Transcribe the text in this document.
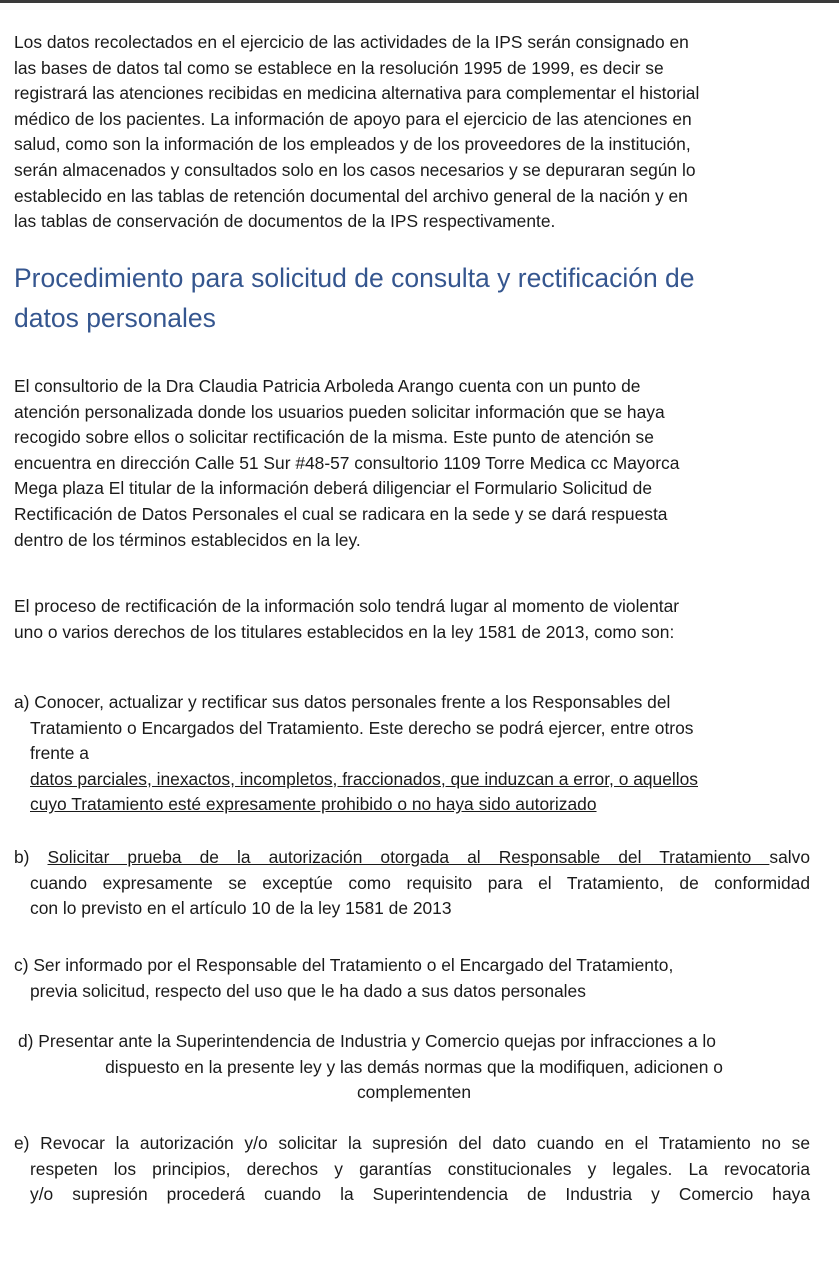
Los datos recolectados en el ejercicio de las actividades de la IPS serán consignado en
las bases de datos tal como se establece en la resolución 1995 de 1999, es decir se
registrará las atenciones recibidas en medicina alternativa para complementar el historial
médico de los pacientes. La información de apoyo para el ejercicio de las atenciones en
salud, como son la información de los empleados y de los proveedores de la institución,
serán almacenados y consultados solo en los casos necesarios y se depuraran según lo
establecido en las tablas de retención documental del archivo general de la nación y en
las tablas de conservación de documentos de la IPS respectivamente.
Procedimiento para solicitud de consulta y rectificación de
datos personales
El consultorio de la Dra Claudia Patricia Arboleda Arango cuenta con un punto de
atención personalizada donde los usuarios pueden solicitar información que se haya
recogido sobre ellos o solicitar rectificación de la misma. Este punto de atención se
encuentra en dirección Calle 51 Sur #48-57 consultorio 1109 Torre Medica cc Mayorca
Mega plaza El titular de la información deberá diligenciar el Formulario Solicitud de
Rectificación de Datos Personales el cual se radicara en la sede y se dará respuesta
dentro de los términos establecidos en la ley.
El proceso de rectificación de la información solo tendrá lugar al momento de violentar
uno o varios derechos de los titulares establecidos en la ley 1581 de 2013, como son:
a) Conocer, actualizar y rectificar sus datos personales frente a los Responsables del
Tratamiento o Encargados del Tratamiento. Este derecho se podrá ejercer, entre otros
frente a
datos parciales, inexactos, incompletos, fraccionados, que induzcan a error, o aquellos
cuyo Tratamiento esté expresamente prohibido o no haya sido autorizado
b) Solicitar prueba de la autorización otorgada al Responsable del Tratamiento salvo
cuando expresamente se exceptúe como requisito para el Tratamiento, de conformidad
con lo previsto en el artículo 10 de la ley 1581 de 2013
c) Ser informado por el Responsable del Tratamiento o el Encargado del Tratamiento,
previa solicitud, respecto del uso que le ha dado a sus datos personales
d) Presentar ante la Superintendencia de Industria y Comercio quejas por infracciones a lo
dispuesto en la presente ley y las demás normas que la modifiquen, adicionen o
complementen
e) Revocar la autorización y/o solicitar la supresión del dato cuando en el Tratamiento no se
respeten los principios, derechos y garantías constitucionales y legales. La revocatoria
y/o supresión procederá cuando la Superintendencia de Industria y Comercio haya
